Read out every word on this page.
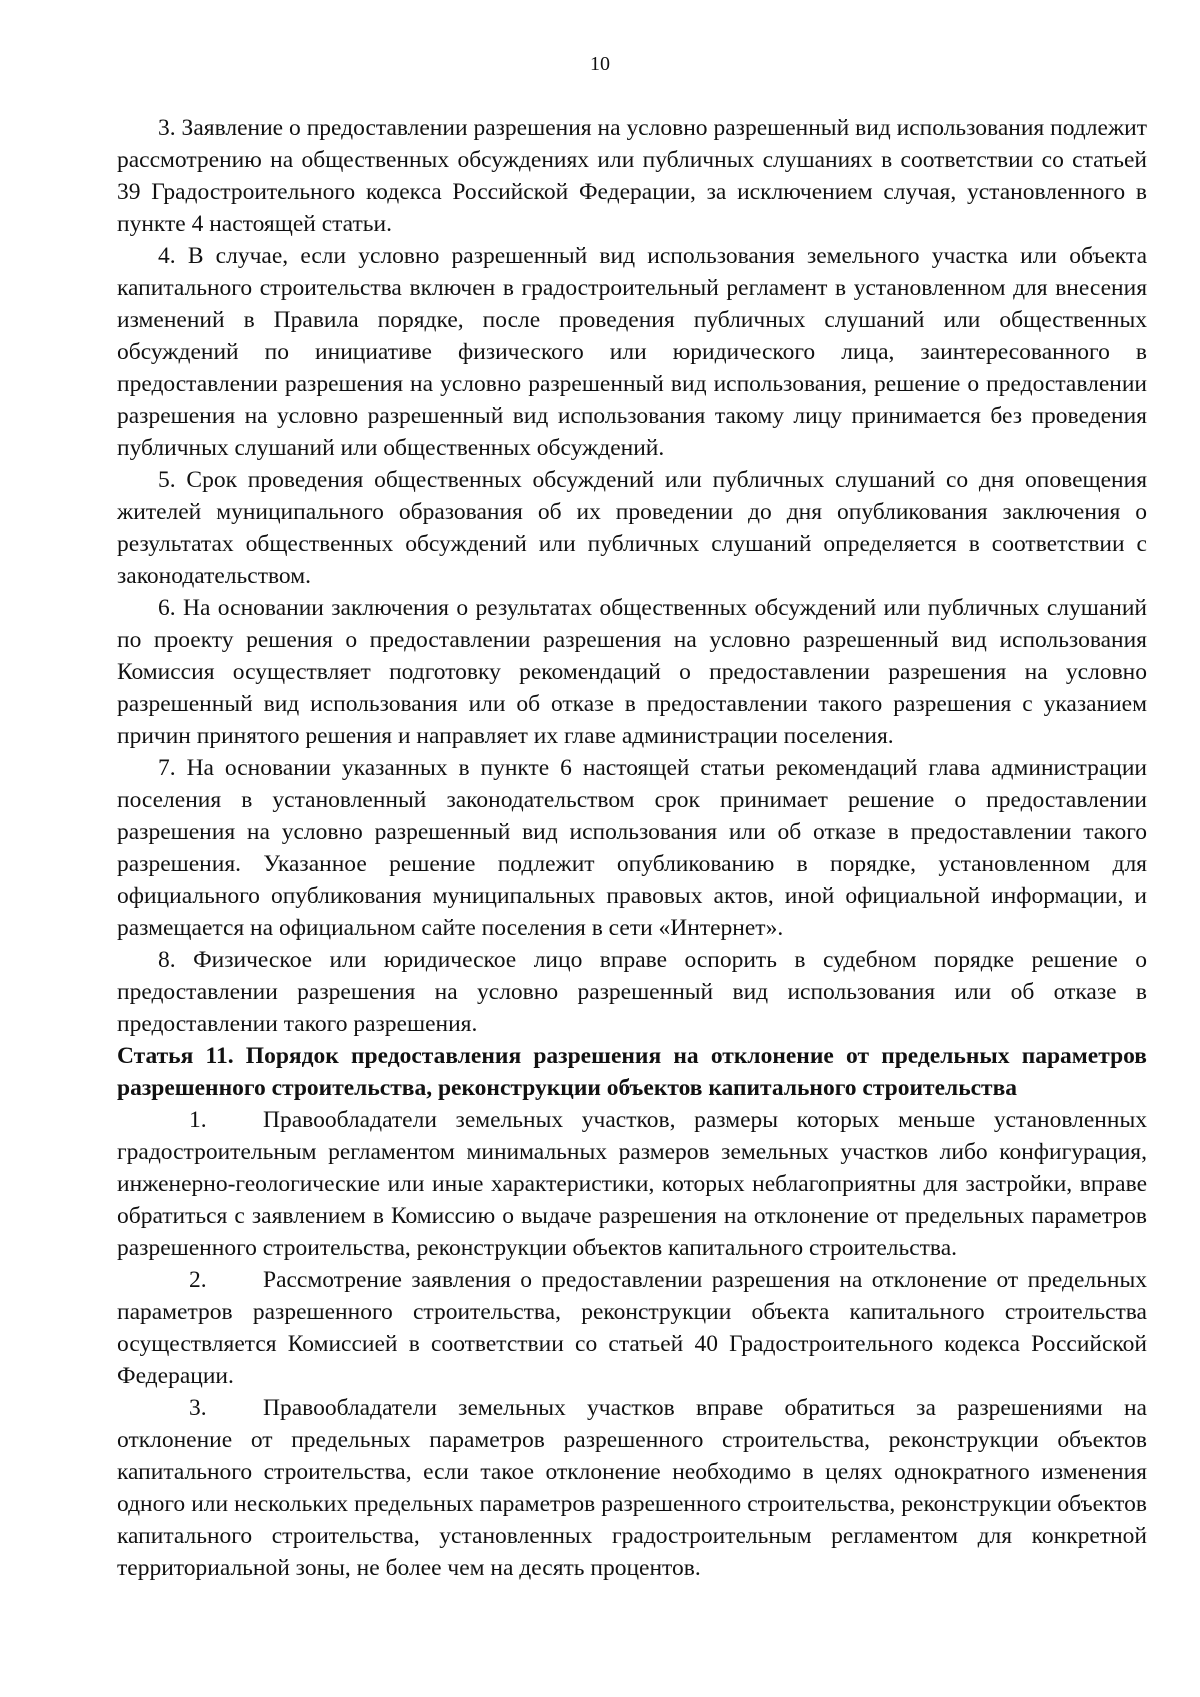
10

3. Заявление о предоставлении разрешения на условно разрешенный вид использования подлежит рассмотрению на общественных обсуждениях или публичных слушаниях в соответствии со статьей 39 Градостроительного кодекса Российской Федерации, за исключением случая, установленного в пункте 4 настоящей статьи.

4. В случае, если условно разрешенный вид использования земельного участка или объекта капитального строительства включен в градостроительный регламент в установленном для внесения изменений в Правила порядке, после проведения публичных слушаний или общественных обсуждений по инициативе физического или юридического лица, заинтересованного в предоставлении разрешения на условно разрешенный вид использования, решение о предоставлении разрешения на условно разрешенный вид использования такому лицу принимается без проведения публичных слушаний или общественных обсуждений.

5. Срок проведения общественных обсуждений или публичных слушаний со дня оповещения жителей муниципального образования об их проведении до дня опубликования заключения о результатах общественных обсуждений или публичных слушаний определяется в соответствии с законодательством.

6. На основании заключения о результатах общественных обсуждений или публичных слушаний по проекту решения о предоставлении разрешения на условно разрешенный вид использования Комиссия осуществляет подготовку рекомендаций о предоставлении разрешения на условно разрешенный вид использования или об отказе в предоставлении такого разрешения с указанием причин принятого решения и направляет их главе администрации поселения.

7. На основании указанных в пункте 6 настоящей статьи рекомендаций глава администрации поселения в установленный законодательством срок принимает решение о предоставлении разрешения на условно разрешенный вид использования или об отказе в предоставлении такого разрешения. Указанное решение подлежит опубликованию в порядке, установленном для официального опубликования муниципальных правовых актов, иной официальной информации, и размещается на официальном сайте поселения в сети «Интернет».

8. Физическое или юридическое лицо вправе оспорить в судебном порядке решение о предоставлении разрешения на условно разрешенный вид использования или об отказе в предоставлении такого разрешения.

Статья 11. Порядок предоставления разрешения на отклонение от предельных параметров разрешенного строительства, реконструкции объектов капитального строительства

1. Правообладатели земельных участков, размеры которых меньше установленных градостроительным регламентом минимальных размеров земельных участков либо конфигурация, инженерно-геологические или иные характеристики, которых неблагоприятны для застройки, вправе обратиться с заявлением в Комиссию о выдаче разрешения на отклонение от предельных параметров разрешенного строительства, реконструкции объектов капитального строительства.

2. Рассмотрение заявления о предоставлении разрешения на отклонение от предельных параметров разрешенного строительства, реконструкции объекта капитального строительства осуществляется Комиссией в соответствии со статьей 40 Градостроительного кодекса Российской Федерации.

3. Правообладатели земельных участков вправе обратиться за разрешениями на отклонение от предельных параметров разрешенного строительства, реконструкции объектов капитального строительства, если такое отклонение необходимо в целях однократного изменения одного или нескольких предельных параметров разрешенного строительства, реконструкции объектов капитального строительства, установленных градостроительным регламентом для конкретной территориальной зоны, не более чем на десять процентов.
